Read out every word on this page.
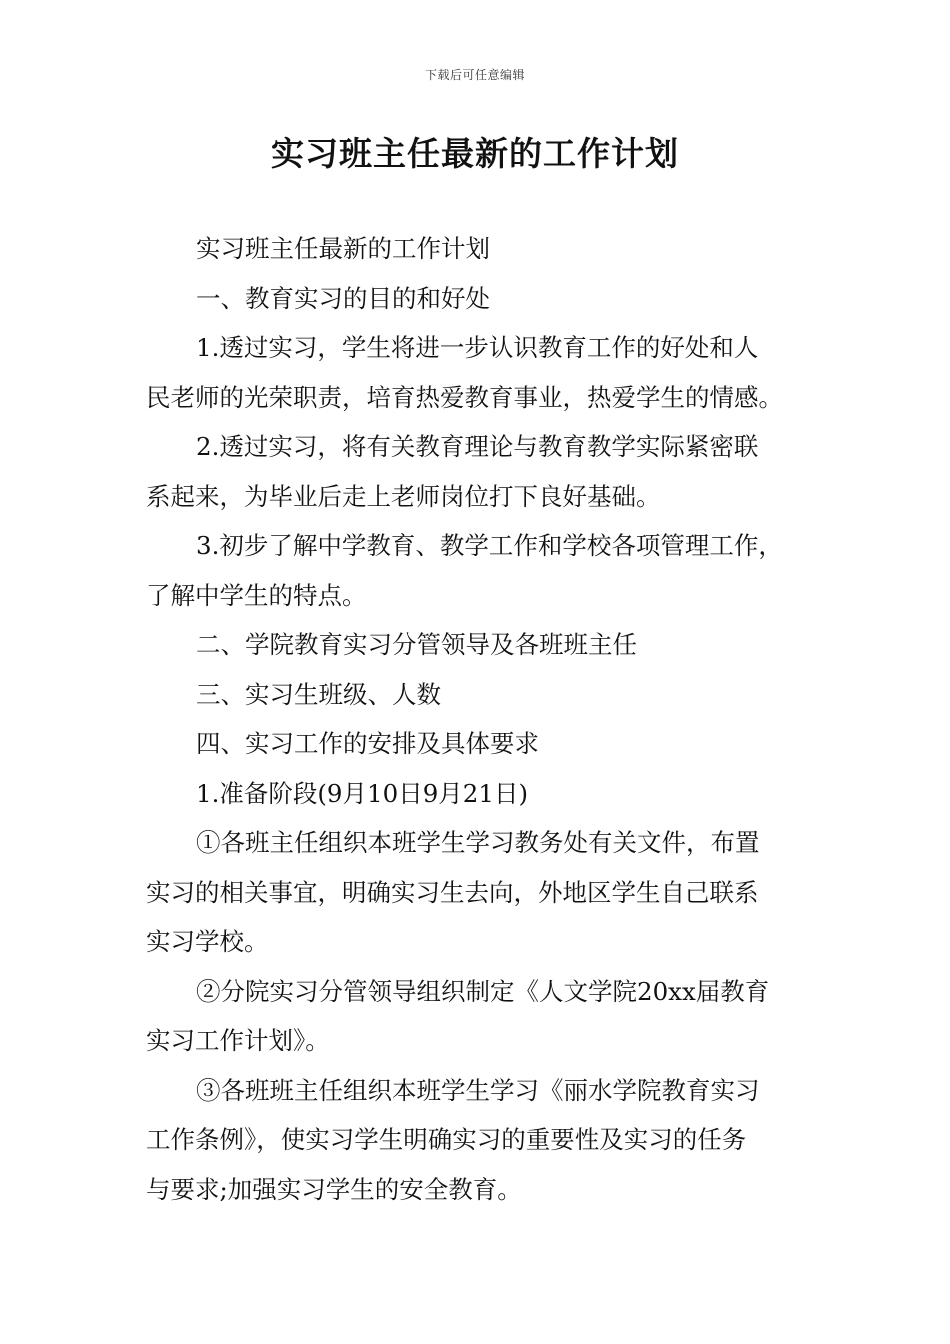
下载后可任意编辑
实习班主任最新的工作计划

实习班主任最新的工作计划

一、教育实习的目的和好处

1.透过实习，学生将进一步认识教育工作的好处和人
民老师的光荣职责，培育热爱教育事业，热爱学生的情感。

2.透过实习，将有关教育理论与教育教学实际紧密联
系起来，为毕业后走上老师岗位打下良好基础。

3.初步了解中学教育、教学工作和学校各项管理工作，
了解中学生的特点。

二、学院教育实习分管领导及各班班主任

三、实习生班级、人数

四、实习工作的安排及具体要求

1.准备阶段(9月10日9月21日)

①各班主任组织本班学生学习教务处有关文件，布置
实习的相关事宜，明确实习生去向，外地区学生自己联系
实习学校。

②分院实习分管领导组织制定《人文学院20xx届教育
实习工作计划》。

③各班班主任组织本班学生学习《丽水学院教育实习
工作条例》，使实习学生明确实习的重要性及实习的任务
与要求;加强实习学生的安全教育。
